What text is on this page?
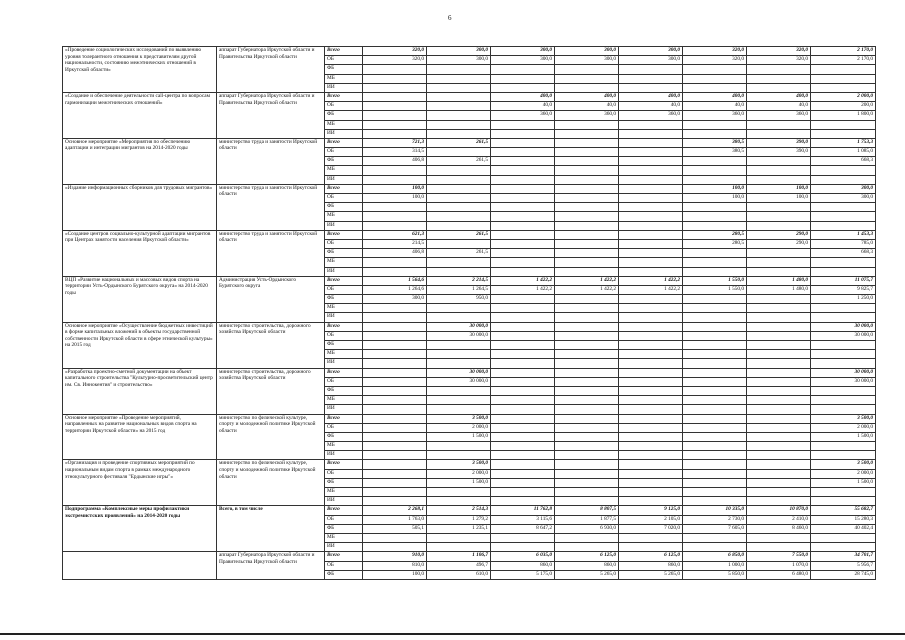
6
«Проведение социологических исследований по выявлению уровня толерантного отношения к представителям другой национальности, состоянию межэтнических отношений в Иркутской области»	аппарат Губернатора Иркутской области и Правительства Иркутской области	Всего	320,0	300,0	300,0	300,0	300,0	320,0	320,0	2 170,0
		ОБ	320,0	300,0	300,0	300,0	300,0	320,0	320,0	2 170,0
		ФБ								
		МБ								
		ИИ								
«Создание и обеспечение деятельности call-центра по вопросам гармонизации межэтнических отношений»	аппарат Губернатора Иркутской области и Правительства Иркутской области	Всего			400,0	400,0	400,0	400,0	400,0	2 000,0
		ОБ			40,0	40,0	40,0	40,0	40,0	200,0
		ФБ			360,0	360,0	360,0	360,0	360,0	1 800,0
		МБ								
		ИИ								
Основное мероприятие «Мероприятия по обеспечению адаптации и интеграции мигрантов на 2014-2020 годы	министерство труда и занятости Иркутской области	Всего	721,3	261,5				380,5	390,0	1 753,3
		ОБ	314,5					380,5	390,0	1 085,0
		ФБ	406,8	261,5						668,3
		МБ								
		ИИ								
«Издание информационных сборников для трудовых мигрантов»	министерство труда и занятости Иркутской области	Всего	100,0					100,0	100,0	300,0
		ОБ	100,0					100,0	100,0	300,0
		ФБ								
		МБ								
		ИИ								
«Создание центров социально-культурной адаптации мигрантов при Центрах занятости населения Иркутской области»	министерство труда и занятости Иркутской области	Всего	621,3	261,5				280,5	290,0	1 453,3
		ОБ	214,5					280,5	290,0	785,0
		ФБ	406,8	261,5						668,3
		МБ								
		ИИ								
ВЦП «Развитие национальных и массовых видов спорта на территории Усть-Ордынского Бурятского округа» на 2014-2020 годы	Администрация Усть-Ордынского Бурятского округа	Всего	1 564,6	2 214,5	1 422,2	1 422,2	1 422,2	1 550,0	1 480,0	11 075,7
		ОБ	1 264,6	1 264,5	1 422,2	1 422,2	1 422,2	1 550,0	1 480,0	9 825,7
		ФБ	300,0	950,0						1 250,0
		МБ								
		ИИ								
Основное мероприятие «Осуществление бюджетных инвестиций в форме капитальных вложений в объекты государственной собственности Иркутской области в сфере этнической культуры» на 2015 год	министерство строительства, дорожного хозяйства Иркутской области	Всего		30 000,0						30 000,0
		ОБ		30 000,0						30 000,0
		ФБ								
		МБ								
		ИИ								
«Разработка проектно-сметной документации на объект капитального строительства "Культурно-просветительский центр им. Св. Иннокентия" и строительство»	министерство строительства, дорожного хозяйства Иркутской области	Всего		30 000,0						30 000,0
		ОБ		30 000,0						30 000,0
		ФБ								
		МБ								
		ИИ								
Основное мероприятие «Проведение мероприятий, направленных на развитие национальных видов спорта на территории Иркутской области» на 2015 год	министерство по физической культуре, спорту и молодежной политике Иркутской области	Всего		3 500,0						3 500,0
		ОБ		2 000,0						2 000,0
		ФБ		1 500,0						1 500,0
		МБ								
		ИИ								
«Организация и проведение спортивных мероприятий по национальным видам спорта в рамках международного этнокультурного фестиваля "Ердынские игры"»	министерство по физической культуре, спорту и молодежной политике Иркутской области	Всего		3 500,0						3 500,0
		ОБ		2 000,0						2 000,0
		ФБ		1 500,0						1 500,0
		МБ								
		ИИ								
Подпрограмма «Комплексные меры профилактики экстремистских проявлений» на 2014-2020 годы	Всего, в том числе	Всего	2 268,1	2 514,3	11 762,8	8 807,5	9 125,0	10 335,0	10 870,0	55 682,7
		ОБ	1 763,0	1 279,2	3 115,6	1 877,5	2 105,0	2 730,0	2 410,0	15 280,3
		ФБ	505,1	1 235,1	8 647,2	6 930,0	7 020,0	7 605,0	8 460,0	40 402,4
		МБ								
		ИИ								
	аппарат Губернатора Иркутской области и Правительства Иркутской области	Всего	910,0	1 106,7	6 035,0	6 125,0	6 125,0	6 850,0	7 550,0	34 701,7
		ОБ	810,0	496,7	860,0	860,0	860,0	1 000,0	1 070,0	5 956,7
		ФБ	100,0	610,0	5 175,0	5 265,0	5 265,0	5 850,0	6 480,0	28 745,0
